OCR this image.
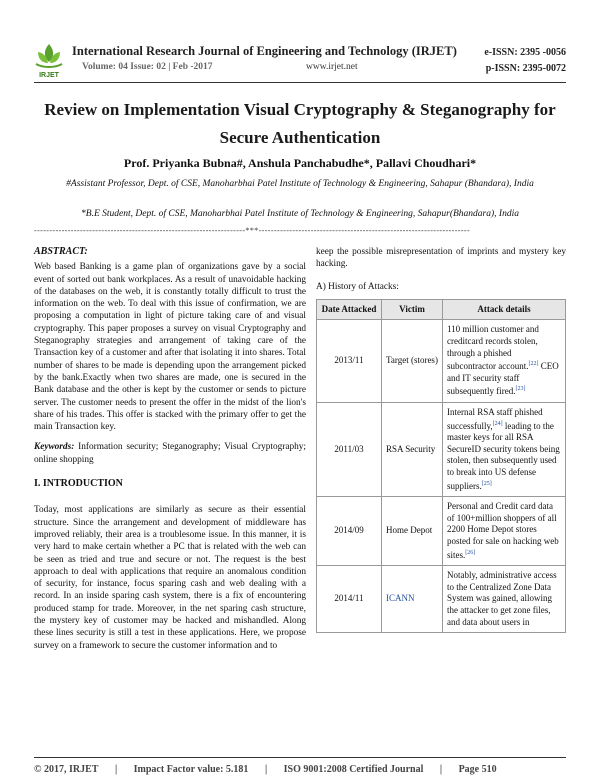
IRJET
International Research Journal of Engineering and Technology (IRJET)	e-ISSN: 2395 -0056
Volume: 04 Issue: 02 | Feb -2017	www.irjet.net	p-ISSN: 2395-0072
Review on Implementation Visual Cryptography & Steganography for Secure Authentication
Prof. Priyanka Bubna#, Anshula Panchabudhe*, Pallavi Choudhari*
#Assistant Professor, Dept. of CSE, Manoharbhai Patel Institute of Technology & Engineering, Sahapur (Bhandara), India
*B.E Student, Dept. of CSE, Manoharbhai Patel Institute of Technology & Engineering, Sahapur(Bhandara), India
---------------------------------------------------------------------***---------------------------------------------------------------------

ABSTRACT:

Web based Banking is a game plan of organizations gave by a social event of sorted out bank workplaces. As a result of unavoidable hacking of the databases on the web, it is constantly totally difficult to trust the information on the web. To deal with this issue of confirmation, we are proposing a computation in light of picture taking care of and visual cryptography. This paper proposes a survey on visual Cryptography and Steganography strategies and arrangement of taking care of the Transaction key of a customer and after that isolating it into shares. Total number of shares to be made is depending upon the arrangement picked by the bank.Exactly when two shares are made, one is secured in the Bank database and the other is kept by the customer or sends to picture server. The customer needs to present the offer in the midst of the lion's share of his trades. This offer is stacked with the primary offer to get the main Transaction key.

Keywords: Information security; Steganography; Visual Cryptography; online shopping

I. INTRODUCTION

Today, most applications are similarly as secure as their essential structure. Since the arrangement and development of middleware has improved reliably, their area is a troublesome issue. In this manner, it is very hard to make certain whether a PC that is related with the web can be seen as tried and true and secure or not. The request is the best approach to deal with applications that require an anomalous condition of security, for instance, focus sparing cash and web dealing with a record. In an inside sparing cash system, there is a fix of encountering produced stamp for trade. Moreover, in the net sparing cash structure, the mystery key of customer may be hacked and mishandled. Along these lines security is still a test in these applications. Here, we propose survey on a framework to secure the customer information and to

keep the possible misrepresentation of imprints and mystery key hacking.

A) History of Attacks:

Date Attacked	Victim	Attack details
2013/11	Target (stores)	110 million customer and creditcard records stolen, through a phished subcontractor account.[22] CEO and IT security staff subsequently fired.[23]
2011/03	RSA Security	Internal RSA staff phished successfully,[24] leading to the master keys for all RSA SecureID security tokens being stolen, then subsequently used to break into US defense suppliers.[25]
2014/09	Home Depot	Personal and Credit card data of 100+million shoppers of all 2200 Home Depot stores posted for sale on hacking web sites.[26]
2014/11	ICANN	Notably, administrative access to the Centralized Zone Data System was gained, allowing the attacker to get zone files, and data about users in
© 2017, IRJET | Impact Factor value: 5.181 | ISO 9001:2008 Certified Journal | Page 510
